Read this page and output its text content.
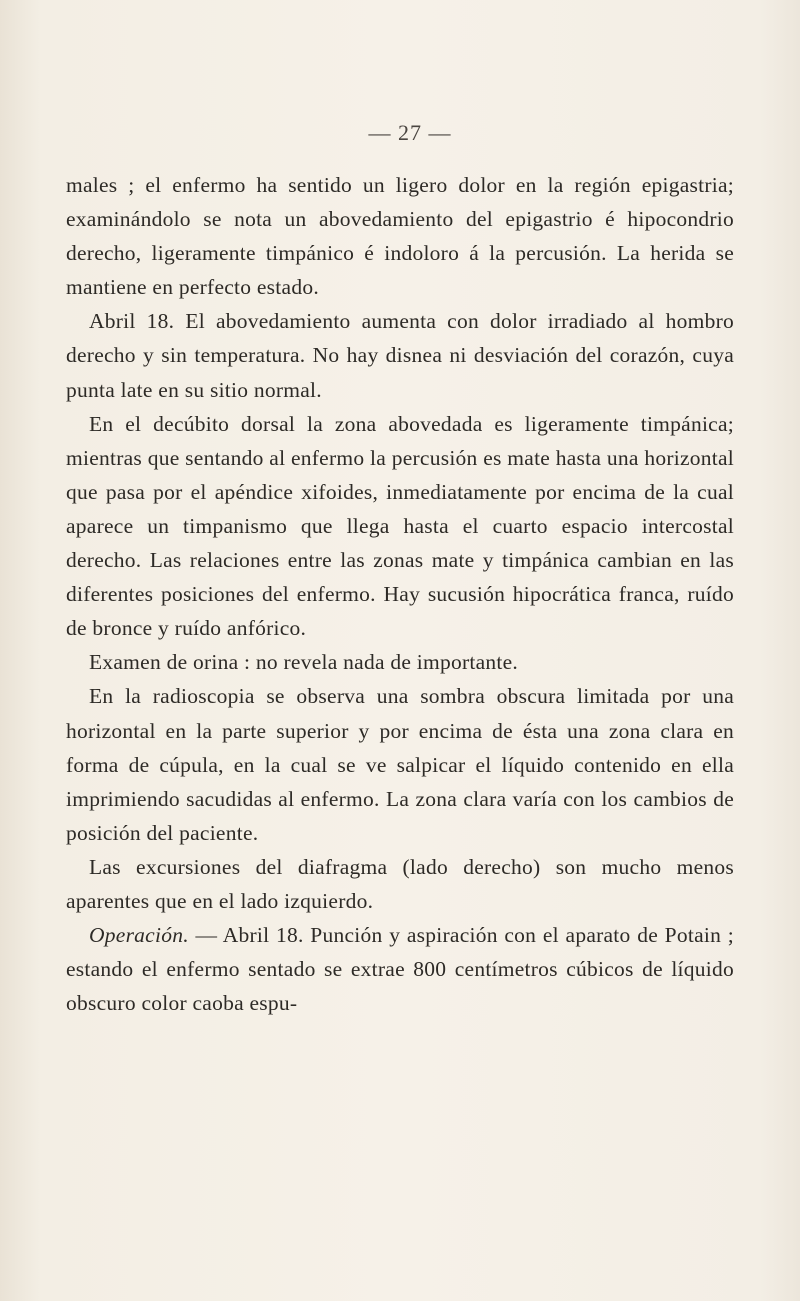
— 27 —

males ; el enfermo ha sentido un ligero dolor en la región epigastria; examinándolo se nota un abovedamiento del epigastrio é hipocondrio derecho, ligeramente timpánico é indoloro á la percusión. La herida se mantiene en perfecto estado.

Abril 18. El abovedamiento aumenta con dolor irradiado al hombro derecho y sin temperatura. No hay disnea ni desviación del corazón, cuya punta late en su sitio normal.

En el decúbito dorsal la zona abovedada es ligeramente timpánica; mientras que sentando al enfermo la percusión es mate hasta una horizontal que pasa por el apéndice xifoides, inmediatamente por encima de la cual aparece un timpanismo que llega hasta el cuarto espacio intercostal derecho. Las relaciones entre las zonas mate y timpánica cambian en las diferentes posiciones del enfermo. Hay sucusión hipocrática franca, ruído de bronce y ruído anfórico.

Examen de orina : no revela nada de importante.

En la radioscopia se observa una sombra obscura limitada por una horizontal en la parte superior y por encima de ésta una zona clara en forma de cúpula, en la cual se ve salpicar el líquido contenido en ella imprimiendo sacudidas al enfermo. La zona clara varía con los cambios de posición del paciente.

Las excursiones del diafragma (lado derecho) son mucho menos aparentes que en el lado izquierdo.

Operación. — Abril 18. Punción y aspiración con el aparato de Potain ; estando el enfermo sentado se extrae 800 centímetros cúbicos de líquido obscuro color caoba espu-
